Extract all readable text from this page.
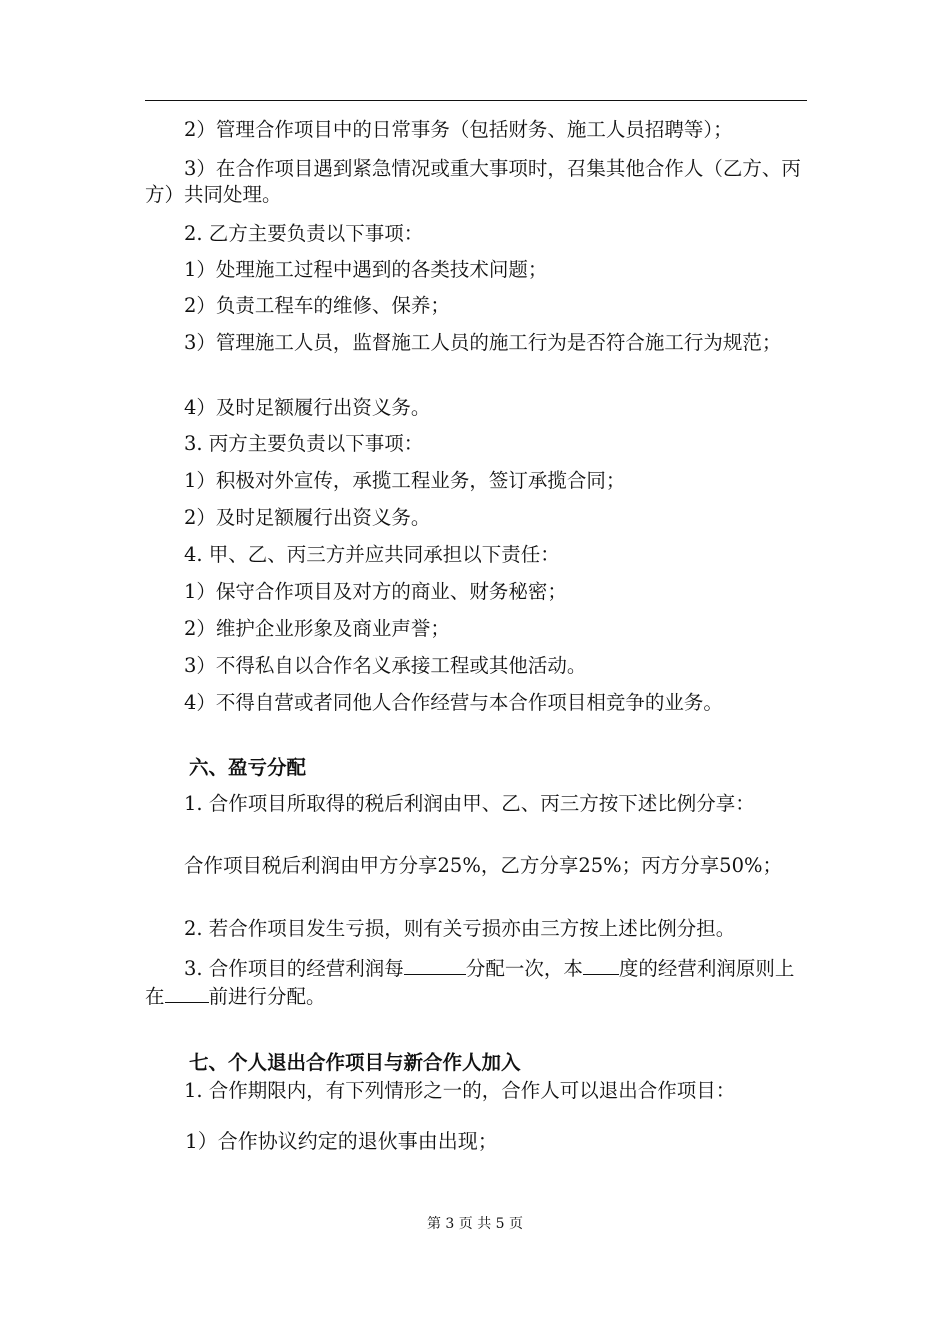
　　2）管理合作项目中的日常事务（包括财务、施工人员招聘等）；
　　3）在合作项目遇到紧急情况或重大事项时，召集其他合作人（乙方、丙方）共同处理。
　　2. 乙方主要负责以下事项：
　　1）处理施工过程中遇到的各类技术问题；
　　2）负责工程车的维修、保养；
　　3）管理施工人员，监督施工人员的施工行为是否符合施工行为规范；
　　4）及时足额履行出资义务。
　　3. 丙方主要负责以下事项：
　　1）积极对外宣传，承揽工程业务，签订承揽合同；
　　2）及时足额履行出资义务。
　　4. 甲、乙、丙三方并应共同承担以下责任：
　　1）保守合作项目及对方的商业、财务秘密；
　　2）维护企业形象及商业声誉；
　　3）不得私自以合作名义承接工程或其他活动。
　　4）不得自营或者同他人合作经营与本合作项目相竞争的业务。
六、盈亏分配
　　1. 合作项目所取得的税后利润由甲、乙、丙三方按下述比例分享：
　　合作项目税后利润由甲方分享25%，乙方分享25%；丙方分享50%；
　　2. 若合作项目发生亏损，则有关亏损亦由三方按上述比例分担。
　　3. 合作项目的经营利润每	分配一次，本 度的经营利润原则上在 前进行分配。
七、个人退出合作项目与新合作人加入
　　1. 合作期限内，有下列情形之一的，合作人可以退出合作项目：
　　1）合作协议约定的退伙事由出现；
第 3 页 共 5 页
